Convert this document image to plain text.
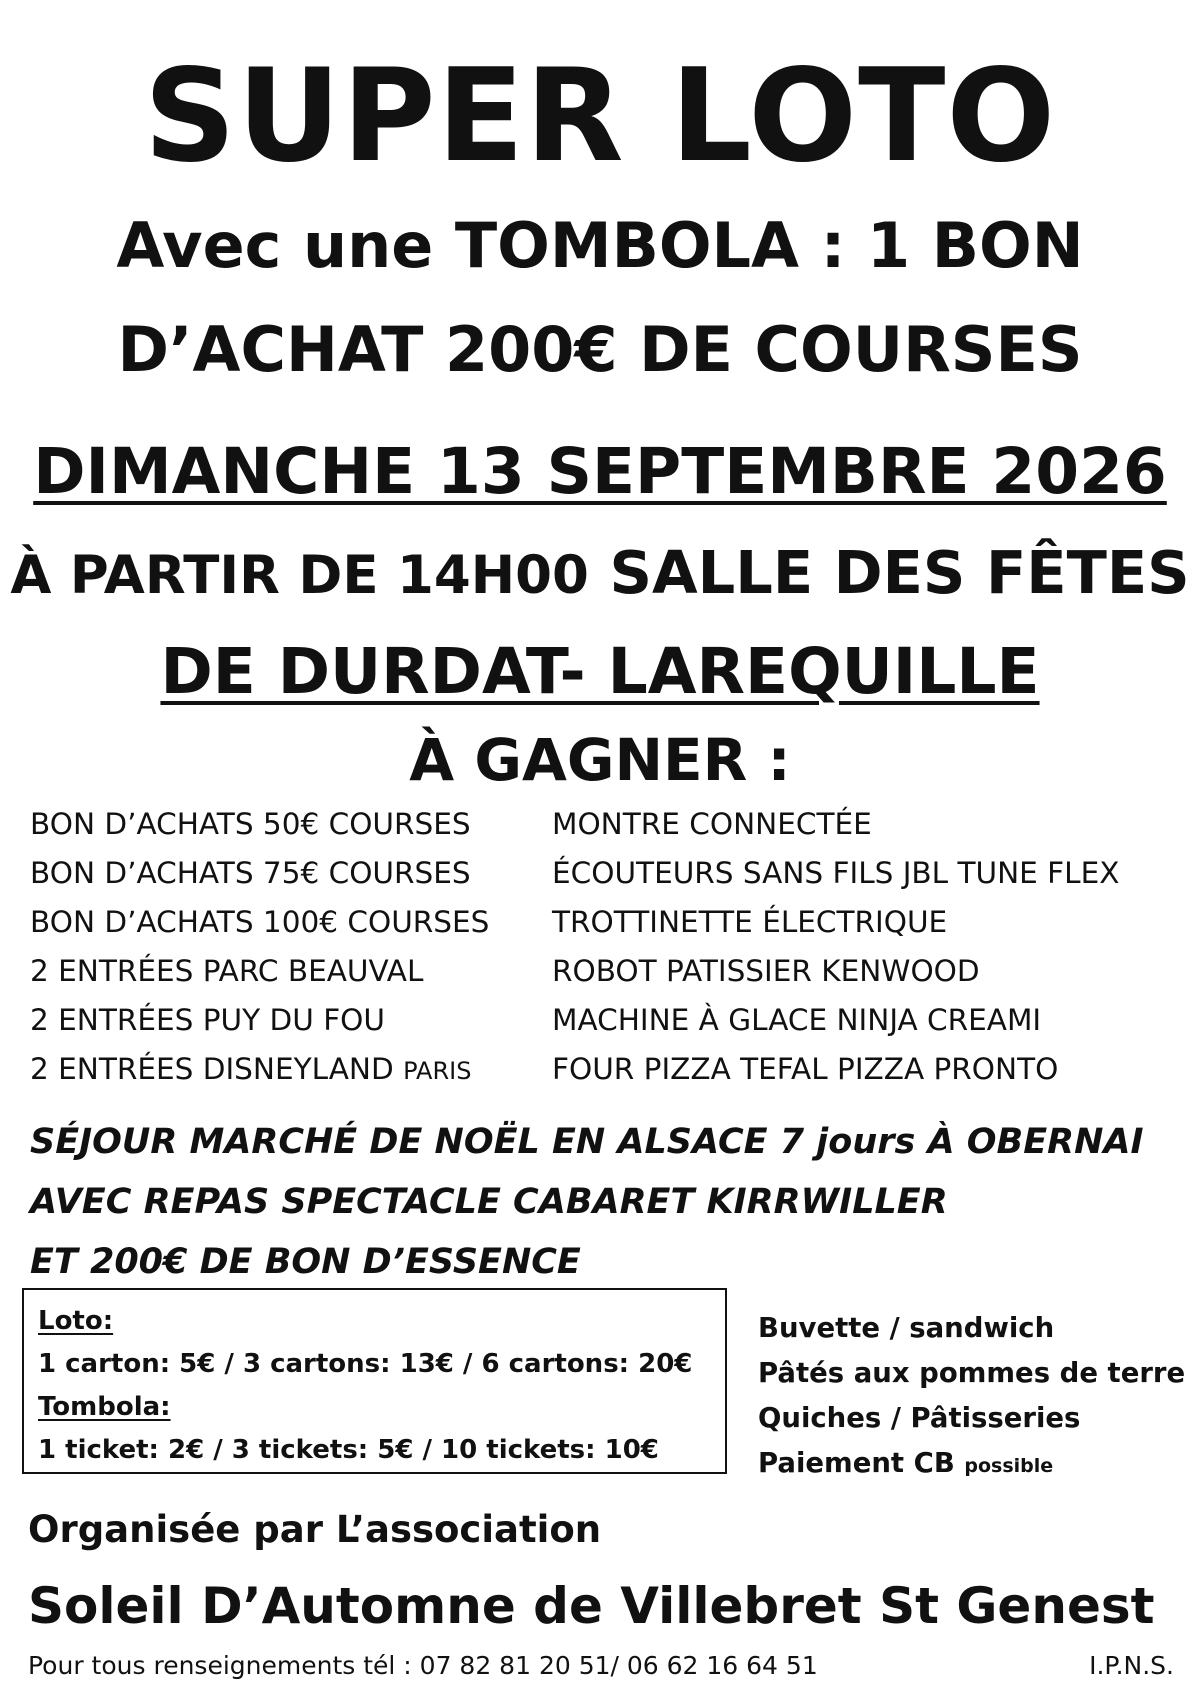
SUPER LOTO
Avec une TOMBOLA : 1 BON
D’ACHAT 200€ DE COURSES
DIMANCHE 13 SEPTEMBRE 2026
À PARTIR DE 14H00 SALLE DES FÊTES
DE DURDAT- LAREQUILLE
À GAGNER :
BON D’ACHATS 50€ COURSES
BON D’ACHATS 75€ COURSES
BON D’ACHATS 100€ COURSES
2 ENTRÉES PARC BEAUVAL
2 ENTRÉES PUY DU FOU
2 ENTRÉES DISNEYLAND PARIS
MONTRE CONNECTÉE
ÉCOUTEURS SANS FILS JBL TUNE FLEX
TROTTINETTE ÉLECTRIQUE
ROBOT PATISSIER KENWOOD
MACHINE À GLACE NINJA CREAMI
FOUR PIZZA TEFAL PIZZA PRONTO
SÉJOUR MARCHÉ DE NOËL EN ALSACE 7 jours À OBERNAI
AVEC REPAS SPECTACLE CABARET KIRRWILLER
ET 200€ DE BON D’ESSENCE
Loto:
1 carton: 5€ / 3 cartons: 13€ / 6 cartons: 20€
Tombola:
1 ticket: 2€ / 3 tickets: 5€ / 10 tickets: 10€
Buvette / sandwich
Pâtés aux pommes de terre
Quiches / Pâtisseries
Paiement CB possible
Organisée par L’association
Soleil D’Automne de Villebret St Genest
Pour tous renseignements tél : 07 82 81 20 51/ 06 62 16 64 51	I.P.N.S.
